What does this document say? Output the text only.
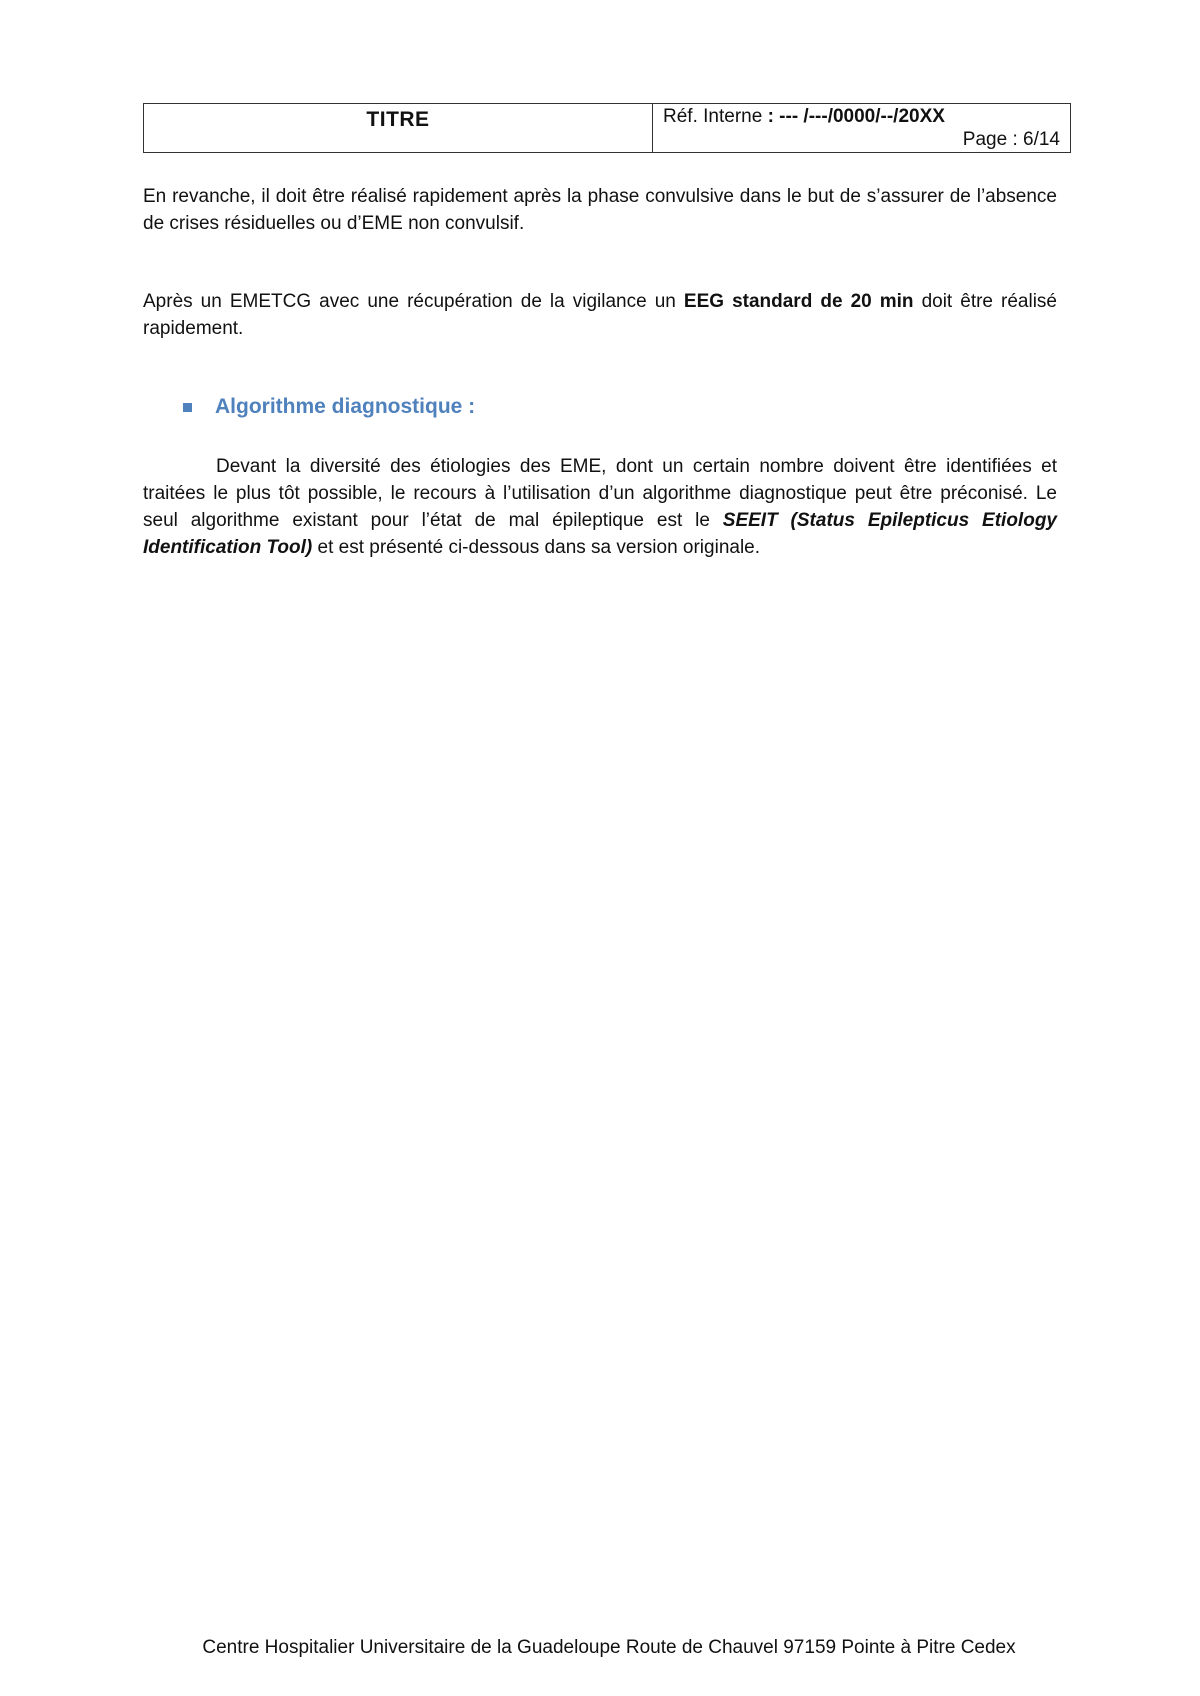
TITRE	Réf. Interne : --- /---/0000/--/20XX
Page : 6/14

En revanche, il doit être réalisé rapidement après la phase convulsive dans le but de s’assurer de l’absence de crises résiduelles ou d’EME non convulsif.

Après un EMETCG avec une récupération de la vigilance un EEG standard de 20 min doit être réalisé rapidement.

Algorithme diagnostique :

Devant la diversité des étiologies des EME, dont un certain nombre doivent être identifiées et traitées le plus tôt possible, le recours à l’utilisation d’un algorithme diagnostique peut être préconisé. Le seul algorithme existant pour l’état de mal épileptique est le SEEIT (Status Epilepticus Etiology Identification Tool) et est présenté ci-dessous dans sa version originale.

Centre Hospitalier Universitaire de la Guadeloupe Route de Chauvel 97159 Pointe à Pitre Cedex
